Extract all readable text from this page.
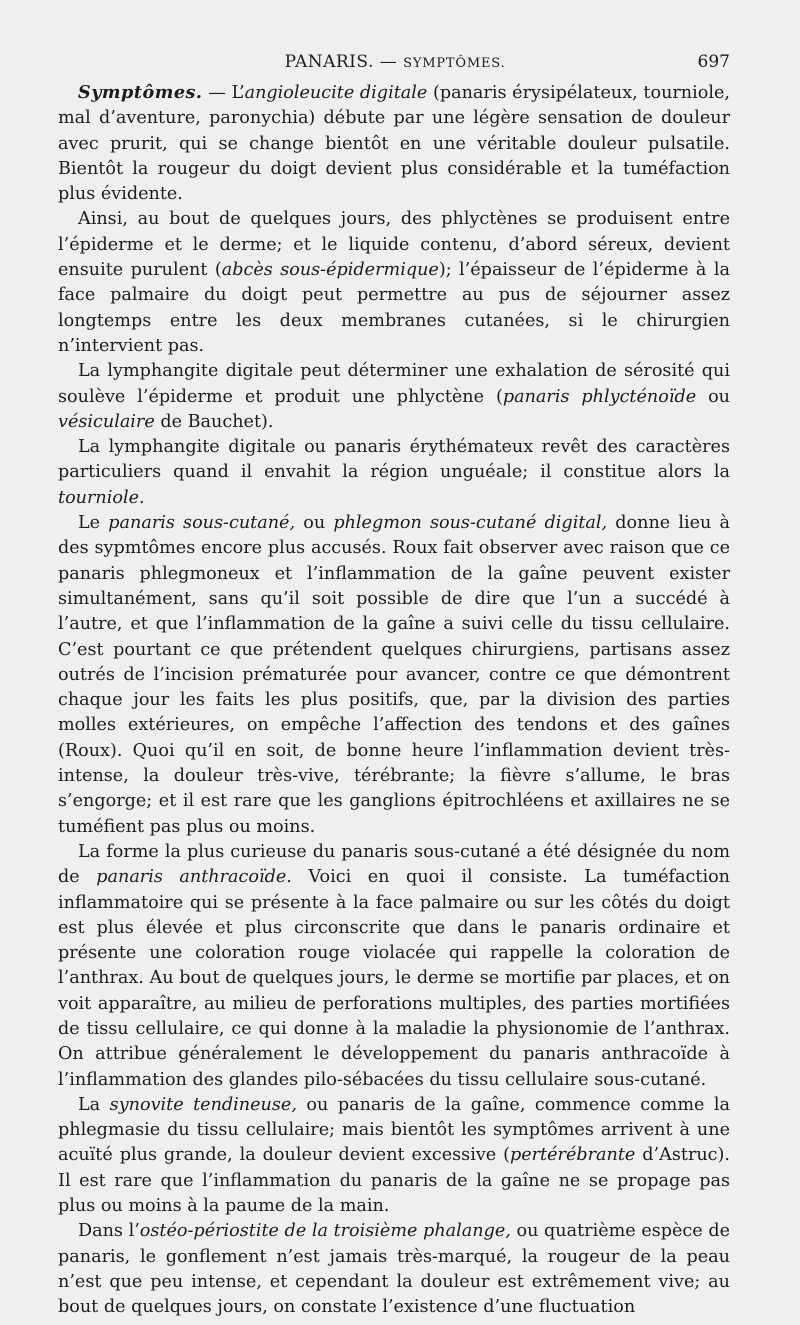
PANARIS. — SYMPTÔMES.	697

Symptômes. — L’angioleucite digitale (panaris érysipélateux, tourniole, mal d’aventure, paronychia) débute par une légère sensation de douleur avec prurit, qui se change bientôt en une véritable douleur pulsatile. Bientôt la rougeur du doigt devient plus considérable et la tuméfaction plus évidente.

Ainsi, au bout de quelques jours, des phlyctènes se produisent entre l’épiderme et le derme; et le liquide contenu, d’abord séreux, devient ensuite purulent (abcès sous-épidermique); l’épaisseur de l’épiderme à la face palmaire du doigt peut permettre au pus de séjourner assez longtemps entre les deux membranes cutanées, si le chirurgien n’intervient pas.

La lymphangite digitale peut déterminer une exhalation de sérosité qui soulève l’épiderme et produit une phlyctène (panaris phlycténoïde ou vésiculaire de Bauchet).

La lymphangite digitale ou panaris érythémateux revêt des caractères particuliers quand il envahit la région unguéale; il constitue alors la tourniole.

Le panaris sous-cutané, ou phlegmon sous-cutané digital, donne lieu à des sypmtômes encore plus accusés. Roux fait observer avec raison que ce panaris phlegmoneux et l’inflammation de la gaîne peuvent exister simultanément, sans qu’il soit possible de dire que l’un a succédé à l’autre, et que l’inflammation de la gaîne a suivi celle du tissu cellulaire. C’est pourtant ce que prétendent quelques chirurgiens, partisans assez outrés de l’incision prématurée pour avancer, contre ce que démontrent chaque jour les faits les plus positifs, que, par la division des parties molles extérieures, on empêche l’affection des tendons et des gaînes (Roux). Quoi qu’il en soit, de bonne heure l’inflammation devient très-intense, la douleur très-vive, térébrante; la fièvre s’allume, le bras s’engorge; et il est rare que les ganglions épitrochléens et axillaires ne se tuméfient pas plus ou moins.

La forme la plus curieuse du panaris sous-cutané a été désignée du nom de panaris anthracoïde. Voici en quoi il consiste. La tuméfaction inflammatoire qui se présente à la face palmaire ou sur les côtés du doigt est plus élevée et plus circonscrite que dans le panaris ordinaire et présente une coloration rouge violacée qui rappelle la coloration de l’anthrax. Au bout de quelques jours, le derme se mortifie par places, et on voit apparaître, au milieu de perforations multiples, des parties mortifiées de tissu cellulaire, ce qui donne à la maladie la physionomie de l’anthrax. On attribue généralement le développement du panaris anthracoïde à l’inflammation des glandes pilo-sébacées du tissu cellulaire sous-cutané.

La synovite tendineuse, ou panaris de la gaîne, commence comme la phlegmasie du tissu cellulaire; mais bientôt les symptômes arrivent à une acuïté plus grande, la douleur devient excessive (pertérébrante d’Astruc). Il est rare que l’inflammation du panaris de la gaîne ne se propage pas plus ou moins à la paume de la main.

Dans l’ostéo-périostite de la troisième phalange, ou quatrième espèce de panaris, le gonflement n’est jamais très-marqué, la rougeur de la peau n’est que peu intense, et cependant la douleur est extrêmement vive; au bout de quelques jours, on constate l’existence d’une fluctuation
